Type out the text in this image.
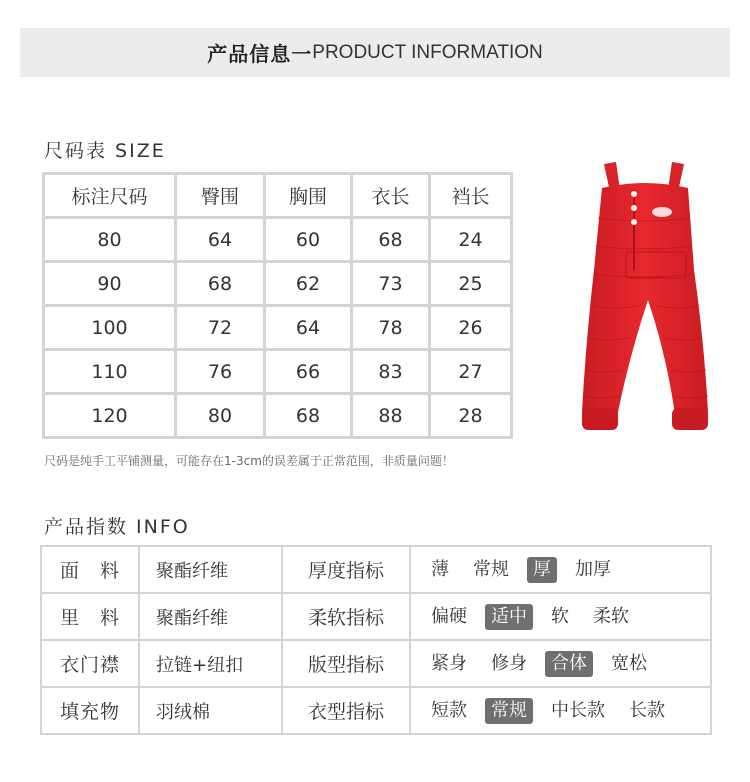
产品信息一 PRODUCT INFORMATION
尺码表 SIZE
标注尺码	臀围	胸围	衣长	裆长
80	64	60	68	24
90	68	62	73	25
100	72	64	78	26
110	76	66	83	27
120	80	68	88	28
尺码是纯手工平铺测量，可能存在1-3cm的误差属于正常范围，非质量问题！
产品指数 INFO
面　料	聚酯纤维	厚度指标	薄 常规 厚 加厚

里　料	聚酯纤维	柔软指标	偏硬 适中 软 柔软

衣门襟	拉链+纽扣	版型指标	紧身 修身 合体 宽松

填充物	羽绒棉	衣型指标	短款 常规 中长款 长款
